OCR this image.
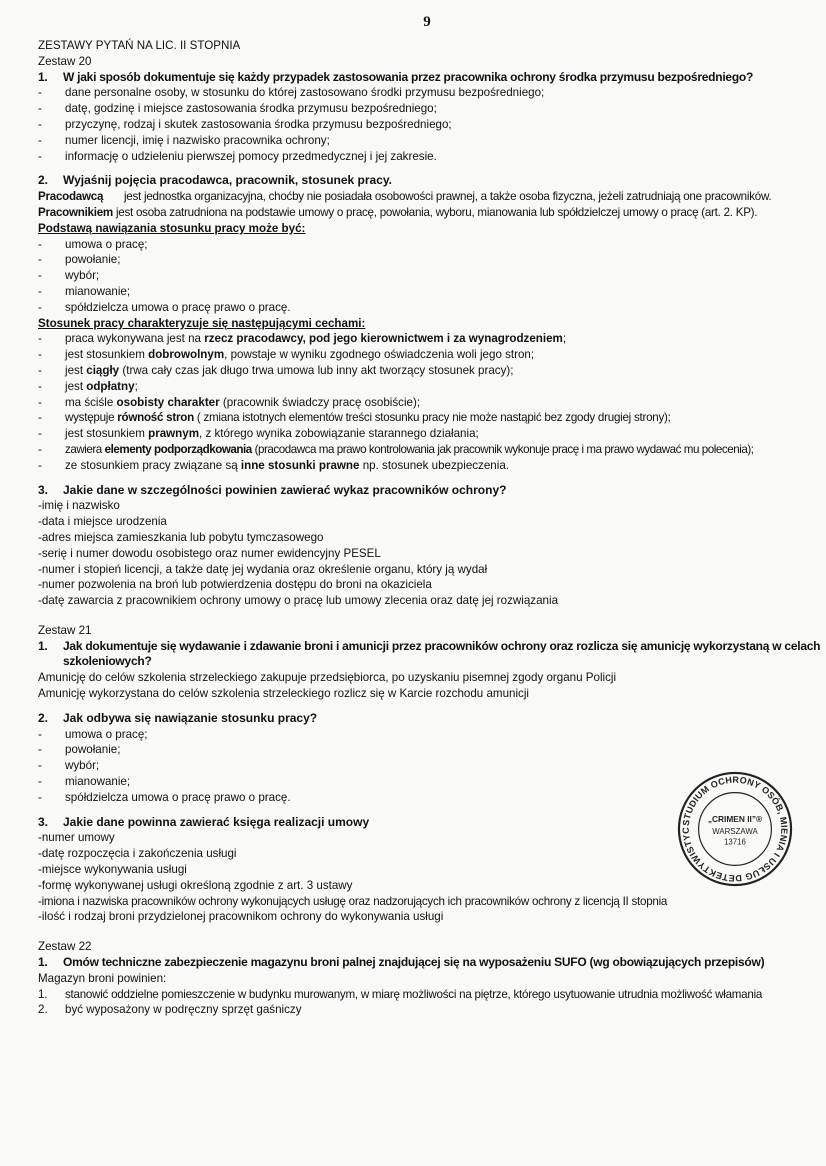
9
ZESTAWY PYTAŃ NA LIC. II STOPNIA
Zestaw 20
1. W jaki sposób dokumentuje się każdy przypadek zastosowania przez pracownika ochrony środka przymusu bezpośredniego?
- dane personalne osoby, w stosunku do której zastosowano środki przymusu bezpośredniego;
- datę, godzinę i miejsce zastosowania środka przymusu bezpośredniego;
- przyczynę, rodzaj i skutek zastosowania środka przymusu bezpośredniego;
- numer licencji, imię i nazwisko pracownika ochrony;
- informację o udzieleniu pierwszej pomocy przedmedycznej i jej zakresie.
2. Wyjaśnij pojęcia pracodawca, pracownik, stosunek pracy.
Pracodawcą jest jednostka organizacyjna, choćby nie posiadała osobowości prawnej, a także osoba fizyczna, jeżeli zatrudniają one pracowników.
Pracownikiem jest osoba zatrudniona na podstawie umowy o pracę, powołania, wyboru, mianowania lub spółdzielczej umowy o pracę (art. 2. KP).
Podstawą nawiązania stosunku pracy może być:
- umowa o pracę;
- powołanie;
- wybór;
- mianowanie;
- spółdzielcza umowa o pracę prawo o pracę.
Stosunek pracy charakteryzuje się następującymi cechami:
- praca wykonywana jest na rzecz pracodawcy, pod jego kierownictwem i za wynagrodzeniem;
- jest stosunkiem dobrowolnym, powstaje w wyniku zgodnego oświadczenia woli jego stron;
- jest ciągły (trwa cały czas jak długo trwa umowa lub inny akt tworzący stosunek pracy);
- jest odpłatny;
- ma ściśle osobisty charakter (pracownik świadczy pracę osobiście);
- występuje równość stron ( zmiana istotnych elementów treści stosunku pracy nie może nastąpić bez zgody drugiej strony);
- jest stosunkiem prawnym, z którego wynika zobowiązanie starannego działania;
- zawiera elementy podporządkowania (pracodawca ma prawo kontrolowania jak pracownik wykonuje pracę i ma prawo wydawać mu polecenia);
- ze stosunkiem pracy związane są inne stosunki prawne np. stosunek ubezpieczenia.
3. Jakie dane w szczególności powinien zawierać wykaz pracowników ochrony?
-imię i nazwisko
-data i miejsce urodzenia
-adres miejsca zamieszkania lub pobytu tymczasowego
-serię i numer dowodu osobistego oraz numer ewidencyjny PESEL
-numer i stopień licencji, a także datę jej wydania oraz określenie organu, który ją wydał
-numer pozwolenia na broń lub potwierdzenia dostępu do broni na okaziciela
-datę zawarcia z pracownikiem ochrony umowy o pracę lub umowy zlecenia oraz datę jej rozwiązania
Zestaw 21
1. Jak dokumentuje się wydawanie i zdawanie broni i amunicji przez pracowników ochrony oraz rozlicza się amunicję wykorzystaną w celach szkoleniowych?
Amunicję do celów szkolenia strzeleckiego zakupuje przedsiębiorca, po uzyskaniu pisemnej zgody organu Policji
Amunicję wykorzystana do celów szkolenia strzeleckiego rozlicz się w Karcie rozchodu amunicji
2. Jak odbywa się nawiązanie stosunku pracy?
- umowa o pracę;
- powołanie;
- wybór;
- mianowanie;
- spółdzielcza umowa o pracę prawo o pracę.
3. Jakie dane powinna zawierać księga realizacji umowy
-numer umowy
-datę rozpoczęcia i zakończenia usługi
-miejsce wykonywania usługi
-formę wykonywanej usługi określoną zgodnie z art. 3 ustawy
-imiona i nazwiska pracowników ochrony wykonujących usługę oraz nadzorujących ich pracowników ochrony z licencją II stopnia
-ilość i rodzaj broni przydzielonej pracownikom ochrony do wykonywania usługi
Zestaw 22
1. Omów techniczne zabezpieczenie magazynu broni palnej znajdującej się na wyposażeniu SUFO (wg obowiązujących przepisów)
Magazyn broni powinien:
1. stanowić oddzielne pomieszczenie w budynku murowanym, w miarę możliwości na piętrze, którego usytuowanie utrudnia możliwość włamania
2. być wyposażony w podręczny sprzęt gaśniczy
STUDIUM OCHRONY OSÓB, MIENIA I USŁUG DETEKTYWISTYC
„CRIMEN II”®
WARSZAWA
13716
